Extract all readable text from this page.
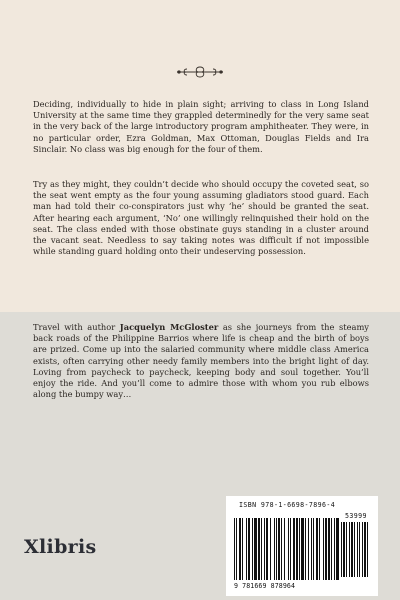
Deciding, individually to hide in plain sight; arriving to class in Long Island University at the same time they grappled determinedly for the very same seat in the very back of the large introductory program amphitheater. They were, in no particular order, Ezra Goldman, Max Ottoman, Douglas Fields and Ira Sinclair. No class was big enough for the four of them.

Try as they might, they couldn’t decide who should occupy the coveted seat, so the seat went empty as the four young assuming gladiators stood guard. Each man had told their co-conspirators just why ‘he’ should be granted the seat. After hearing each argument, ‘No’ one willingly relinquished their hold on the seat. The class ended with those obstinate guys standing in a cluster around the vacant seat. Needless to say taking notes was difficult if not impossible while standing guard holding onto their undeserving possession.

Travel with author Jacquelyn McGloster as she journeys from the steamy back roads of the Philippine Barrios where life is cheap and the birth of boys are prized. Come up into the salaried community where middle class America exists, often carrying other needy family members into the bright light of day. Loving from paycheck to paycheck, keeping body and soul together. You’ll enjoy the ride. And you’ll come to admire those with whom you rub elbows along the bumpy way…

Xlibris
ISBN 978-1-6698-7896-4
53999
9 781669 878964
